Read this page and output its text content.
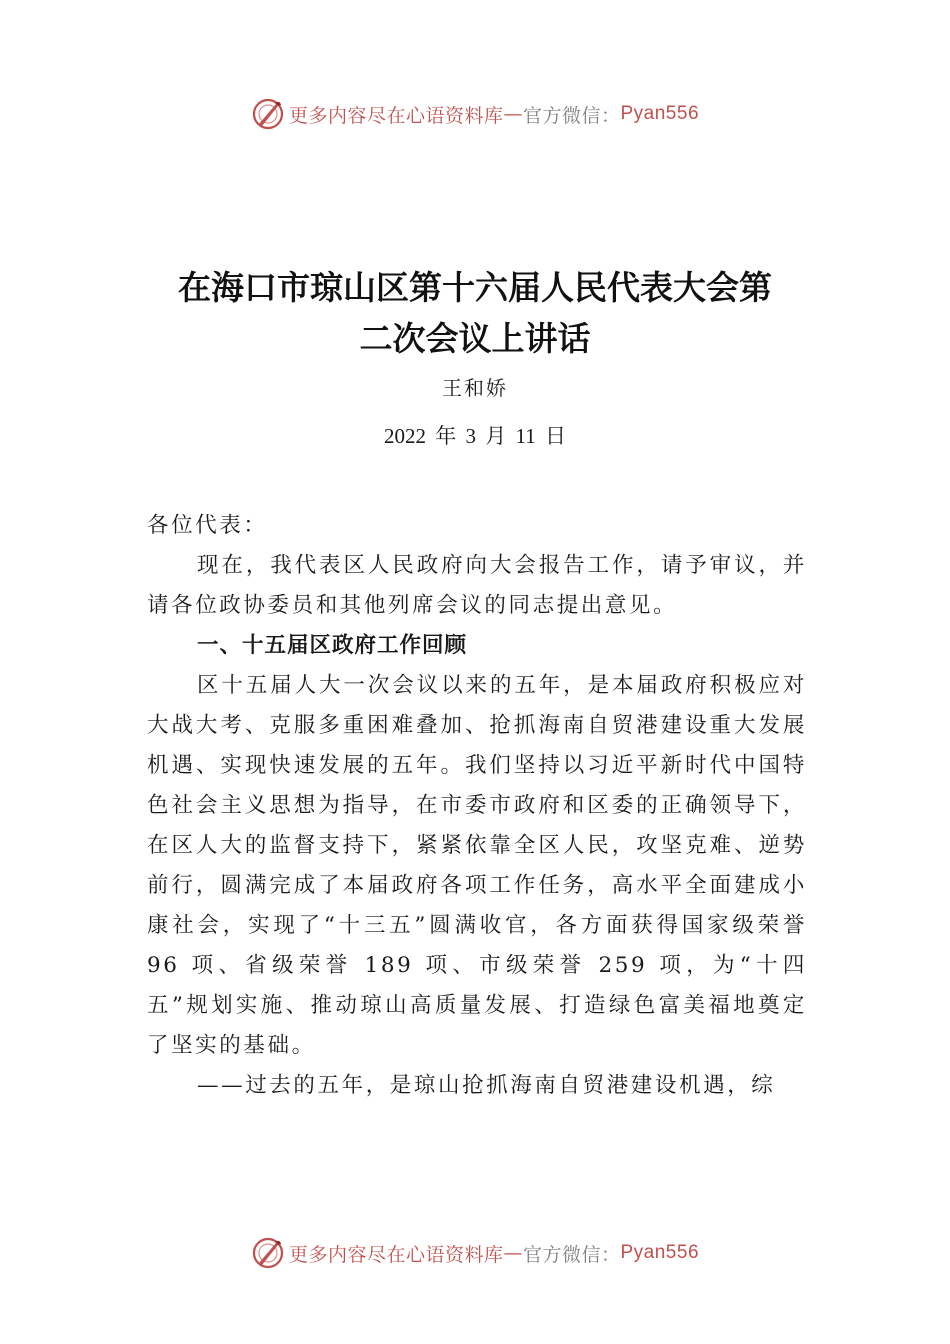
更多内容尽在心语资料库 — 官方微信： Pyan556
在海口市琼山区第十六届人民代表大会第
二次会议上讲话
王和娇
2022 年 3 月 11 日

各位代表：

现在，我代表区人民政府向大会报告工作，请予审议，并请各位政协委员和其他列席会议的同志提出意见。

一、十五届区政府工作回顾

区十五届人大一次会议以来的五年，是本届政府积极应对大战大考、克服多重困难叠加、抢抓海南自贸港建设重大发展机遇、实现快速发展的五年。我们坚持以习近平新时代中国特色社会主义思想为指导，在市委市政府和区委的正确领导下，在区人大的监督支持下，紧紧依靠全区人民，攻坚克难、逆势前行，圆满完成了本届政府各项工作任务，高水平全面建成小康社会，实现了“十三五”圆满收官，各方面获得国家级荣誉 96 项、省级荣誉 189 项、市级荣誉 259 项，为“十四五”规划实施、推动琼山高质量发展、打造绿色富美福地奠定了坚实的基础。

——过去的五年，是琼山抢抓海南自贸港建设机遇，综

更多内容尽在心语资料库 — 官方微信： Pyan556
